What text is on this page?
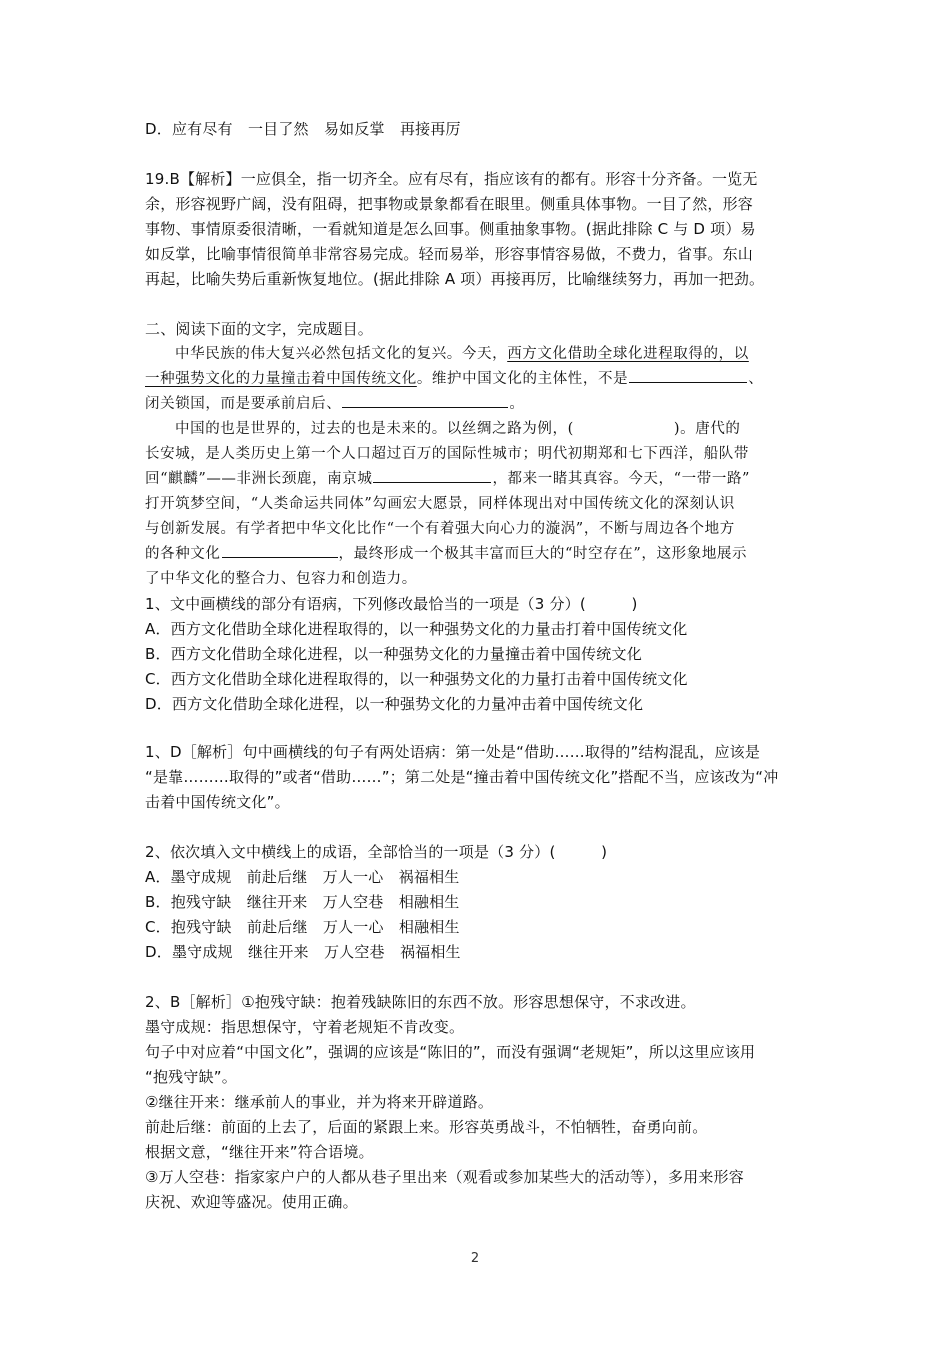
D．应有尽有　一目了然　易如反掌　再接再厉
19.B【解析】一应俱全，指一切齐全。应有尽有，指应该有的都有。形容十分齐备。一览无
余，形容视野广阔，没有阻碍，把事物或景象都看在眼里。侧重具体事物。一目了然，形容
事物、事情原委很清晰，一看就知道是怎么回事。侧重抽象事物。(据此排除 C 与 D 项）易
如反掌，比喻事情很简单非常容易完成。轻而易举，形容事情容易做，不费力，省事。东山
再起，比喻失势后重新恢复地位。(据此排除 A 项）再接再厉，比喻继续努力，再加一把劲。
二、阅读下面的文字，完成题目。
中华民族的伟大复兴必然包括文化的复兴。今天，西方文化借助全球化进程取得的，以
一种强势文化的力量撞击着中国传统文化。维护中国文化的主体性，不是	、
闭关锁国，而是要承前启后、	。
中国的也是世界的，过去的也是未来的。以丝绸之路为例，(	)。唐代的
长安城，是人类历史上第一个人口超过百万的国际性城市；明代初期郑和七下西洋，船队带
回“麒麟”——非洲长颈鹿，南京城	，都来一睹其真容。今天，“一带一路”
打开筑梦空间，“人类命运共同体”勾画宏大愿景，同样体现出对中国传统文化的深刻认识
与创新发展。有学者把中华文化比作“一个有着强大向心力的漩涡”，不断与周边各个地方
的各种文化	，最终形成一个极其丰富而巨大的“时空存在”，这形象地展示
了中华文化的整合力、包容力和创造力。
1、文中画横线的部分有语病，下列修改最恰当的一项是（3 分）(　　　)
A．西方文化借助全球化进程取得的，以一种强势文化的力量击打着中国传统文化
B．西方文化借助全球化进程，以一种强势文化的力量撞击着中国传统文化
C．西方文化借助全球化进程取得的，以一种强势文化的力量打击着中国传统文化
D．西方文化借助全球化进程，以一种强势文化的力量冲击着中国传统文化
1、D［解析］句中画横线的句子有两处语病：第一处是“借助……取得的”结构混乱，应该是
“是靠………取得的”或者“借助……”；第二处是“撞击着中国传统文化”搭配不当，应该改为“冲
击着中国传统文化”。
2、依次填入文中横线上的成语，全部恰当的一项是（3 分）(　　　)
A．墨守成规　前赴后继　万人一心　祸福相生
B．抱残守缺　继往开来　万人空巷　相融相生
C．抱残守缺　前赴后继　万人一心　相融相生
D．墨守成规　继往开来　万人空巷　祸福相生
2、B［解析］①抱残守缺：抱着残缺陈旧的东西不放。形容思想保守，不求改进。
墨守成规：指思想保守，守着老规矩不肯改变。
句子中对应着“中国文化”，强调的应该是“陈旧的”，而没有强调“老规矩”，所以这里应该用
“抱残守缺”。
②继往开来：继承前人的事业，并为将来开辟道路。
前赴后继：前面的上去了，后面的紧跟上来。形容英勇战斗，不怕牺牲，奋勇向前。
根据文意，“继往开来”符合语境。
③万人空巷：指家家户户的人都从巷子里出来（观看或参加某些大的活动等），多用来形容
庆祝、欢迎等盛况。使用正确。
2
